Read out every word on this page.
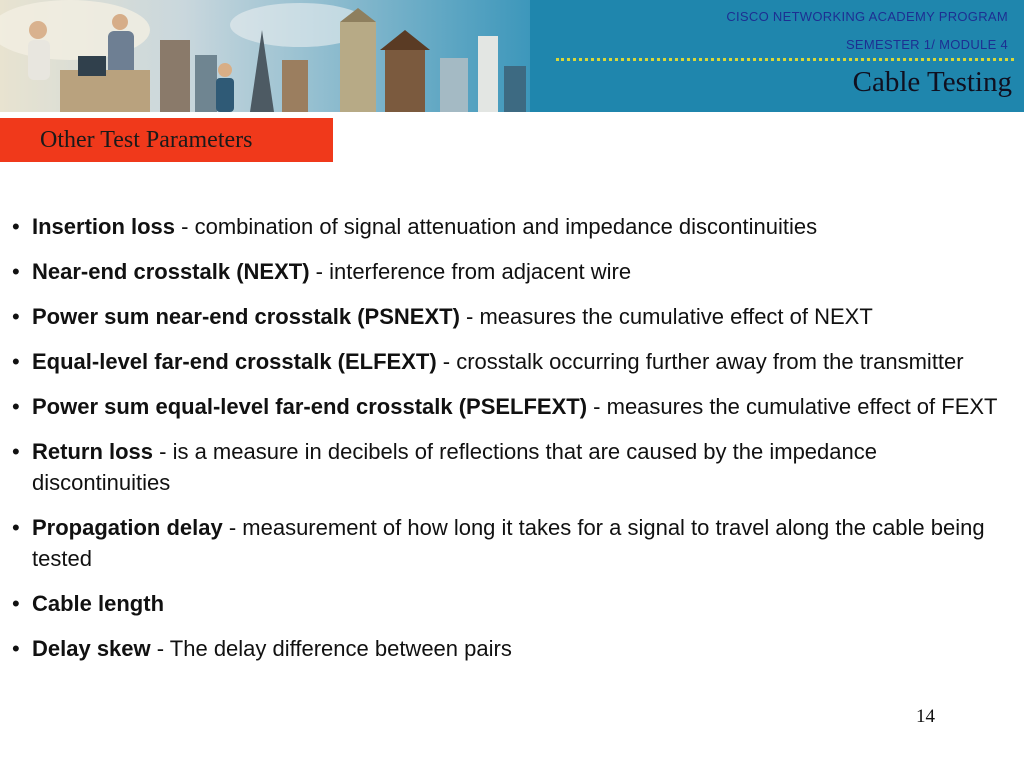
CISCO NETWORKING ACADEMY PROGRAM
SEMESTER 1/ MODULE 4
Cable Testing
Other Test Parameters
• Insertion loss - combination of signal attenuation and impedance discontinuities
• Near-end crosstalk (NEXT) - interference from adjacent wire
• Power sum near-end crosstalk (PSNEXT) - measures the cumulative effect of NEXT
• Equal-level far-end crosstalk (ELFEXT) - crosstalk occurring further away from the transmitter
• Power sum equal-level far-end crosstalk (PSELFEXT) - measures the cumulative effect of FEXT
• Return loss - is a measure in decibels of reflections that are caused by the impedance discontinuities
• Propagation delay - measurement of how long it takes for a signal to travel along the cable being tested
• Cable length
• Delay skew - The delay difference between pairs
14
